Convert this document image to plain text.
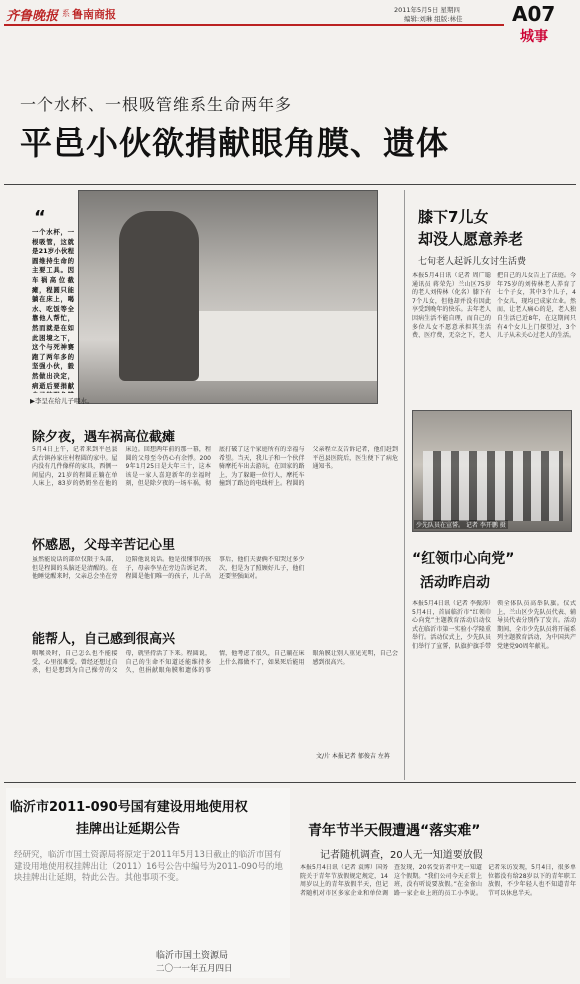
齐鲁晚报 系 鲁南商报	2011年5月5日 星期四
编辑:刘琳 组版:林佳 A07
城事
一个水杯、一根吸管维系生命两年多
平邑小伙欲捐献眼角膜、遗体
“
一个水杯，一根吸管，这就是21岁小伙程圆维持生命的主要工具。因车祸高位截瘫，程圆只能躺在床上，喝水、吃饭等全靠他人帮忙，然而就是在如此困境之下，这个与死神赛跑了两年多的坚强小伙，毅然做出决定，病逝后要捐献
▶李呈在给儿子喂水。
除夕夜，遇车祸高位截瘫
5月4日上午，记者来到平邑县武台镇孙家庄村程圆的家中。屋内没有几件像样的家具，西侧一间屋内，21岁的程圆正躺在单人床上，83岁的奶奶坐在他的床边。回想两年前的那一幕，程圆的父母至今仍心有余悸。2009年1月25日是大年三十，这本该是一家人喜迎新年的幸福时刻，但是除夕夜的一场车祸，彻底打破了这个家庭所有的幸福与希望。当天，我儿子和一个伙伴骑摩托车出去游玩，在回家的路上，为了躲避一位行人，摩托车撞到了路边的电线杆上。程圆的父亲程立友告诉记者，他们赶到平邑县医院后，医生便下了病危通知书。
怀感恩，父母辛苦记心里
虽然能说话的部位仅限于头部，但是程圆的头脑还是清醒的。在他睡觉醒来时，父亲总会坐在旁边陪他说说话。他是很懂事的孩子，母亲李呈在旁边告诉记者，程圆是他们唯一的孩子，儿子出事后，他们夫妻俩不知哭过多少次，但是为了照顾好儿子，他们还要坚强面对。
能帮人，自己感到很高兴
咽喉炎时，自己怎么也不能接受，心里很难受。曾经还想过自杀，但是想到为自己操劳的父母，就坚持活了下来。程圆说，自己的生命不知道还能维持多久，但捐献眼角膜和遗体的事情，他考虑了很久，自己躺在床上什么都做不了，如果死后能用眼角膜让别人重见光明，自己会感到很高兴。
文/片 本报记者 郁俊吉 左苒
膝下7儿女
却没人愿意养老
七旬老人起诉儿女讨生活费
本报5月4日讯（记者 周广聪 通讯员 蒋荣先）兰山区75岁的老人刘传林（化名）膝下有7个儿女，但他却并没有因此享受到晚年的快乐。去年老人因病生活不能自理，而自己的多位儿女不愿意承担其生活费、医疗费，无奈之下，老人把自己的儿女告上了法庭。今年75岁的刘传林老人养育了七个子女，其中3个儿子，4个女儿，现均已成家立业。然而，让老人痛心的是，老人独自生活已近8年，在这期间只有4个女儿上门探望过，3个儿子从未关心过老人的生活。
少先队员在宣誓。 记者 李开鹏 摄
“红领巾心向党”
活动昨启动
本报5月4日讯（记者 李振涛）5月4日，首届临沂市“红领巾心向党”主题教育活动启动仪式在临沂市第一实验小学隆重举行。活动仪式上，少先队员们举行了宣誓，队旗护旗手带领全体队员高举队旗。仪式上，兰山区少先队员代表、辅导员代表分别作了发言。活动期间，全市少先队员将开展系列主题教育活动，为中国共产党建党90周年献礼。
临沂市2011-090号国有建设用地使用权
挂牌出让延期公告
经研究，临沂市国土资源局将原定于2011年5月13日截止的临沂市国有建设用地使用权挂牌出让（2011）16号公告中编号为2011-090号的地块挂牌出让延期，特此公告。其他事项不变。
临沂市国土资源局
二〇一一年五月四日
青年节半天假遭遇“落实难”
记者随机调查，20人无一知道要放假
本报5月4日讯（记者 袁博）国务院关于青年节放假规定规定，14周岁以上的青年放假半天，但记者随机对市区多家企业和单位调查发现，20名受访者中无一知道这个假期。“我们公司今天正常上班，没有听说要放假。”在金雀山路一家企业上班的员工小李说。记者采访发现，5月4日，很多单位都没有给28岁以下的青年职工放假，不少年轻人也不知道青年节可以休息半天。
